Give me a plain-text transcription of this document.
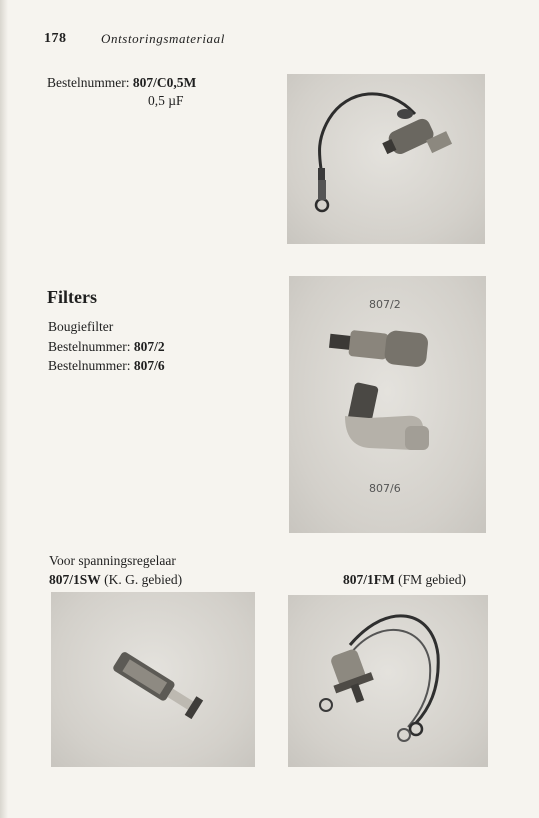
178	Ontstoringsmateriaal
Bestelnummer: 807/C0,5M
0,5 µF
Filters
Bougiefilter
Bestelnummer: 807/2
Bestelnummer: 807/6
807/2
807/6
Voor spanningsregelaar
807/1SW (K. G. gebied)	807/1FM (FM gebied)
